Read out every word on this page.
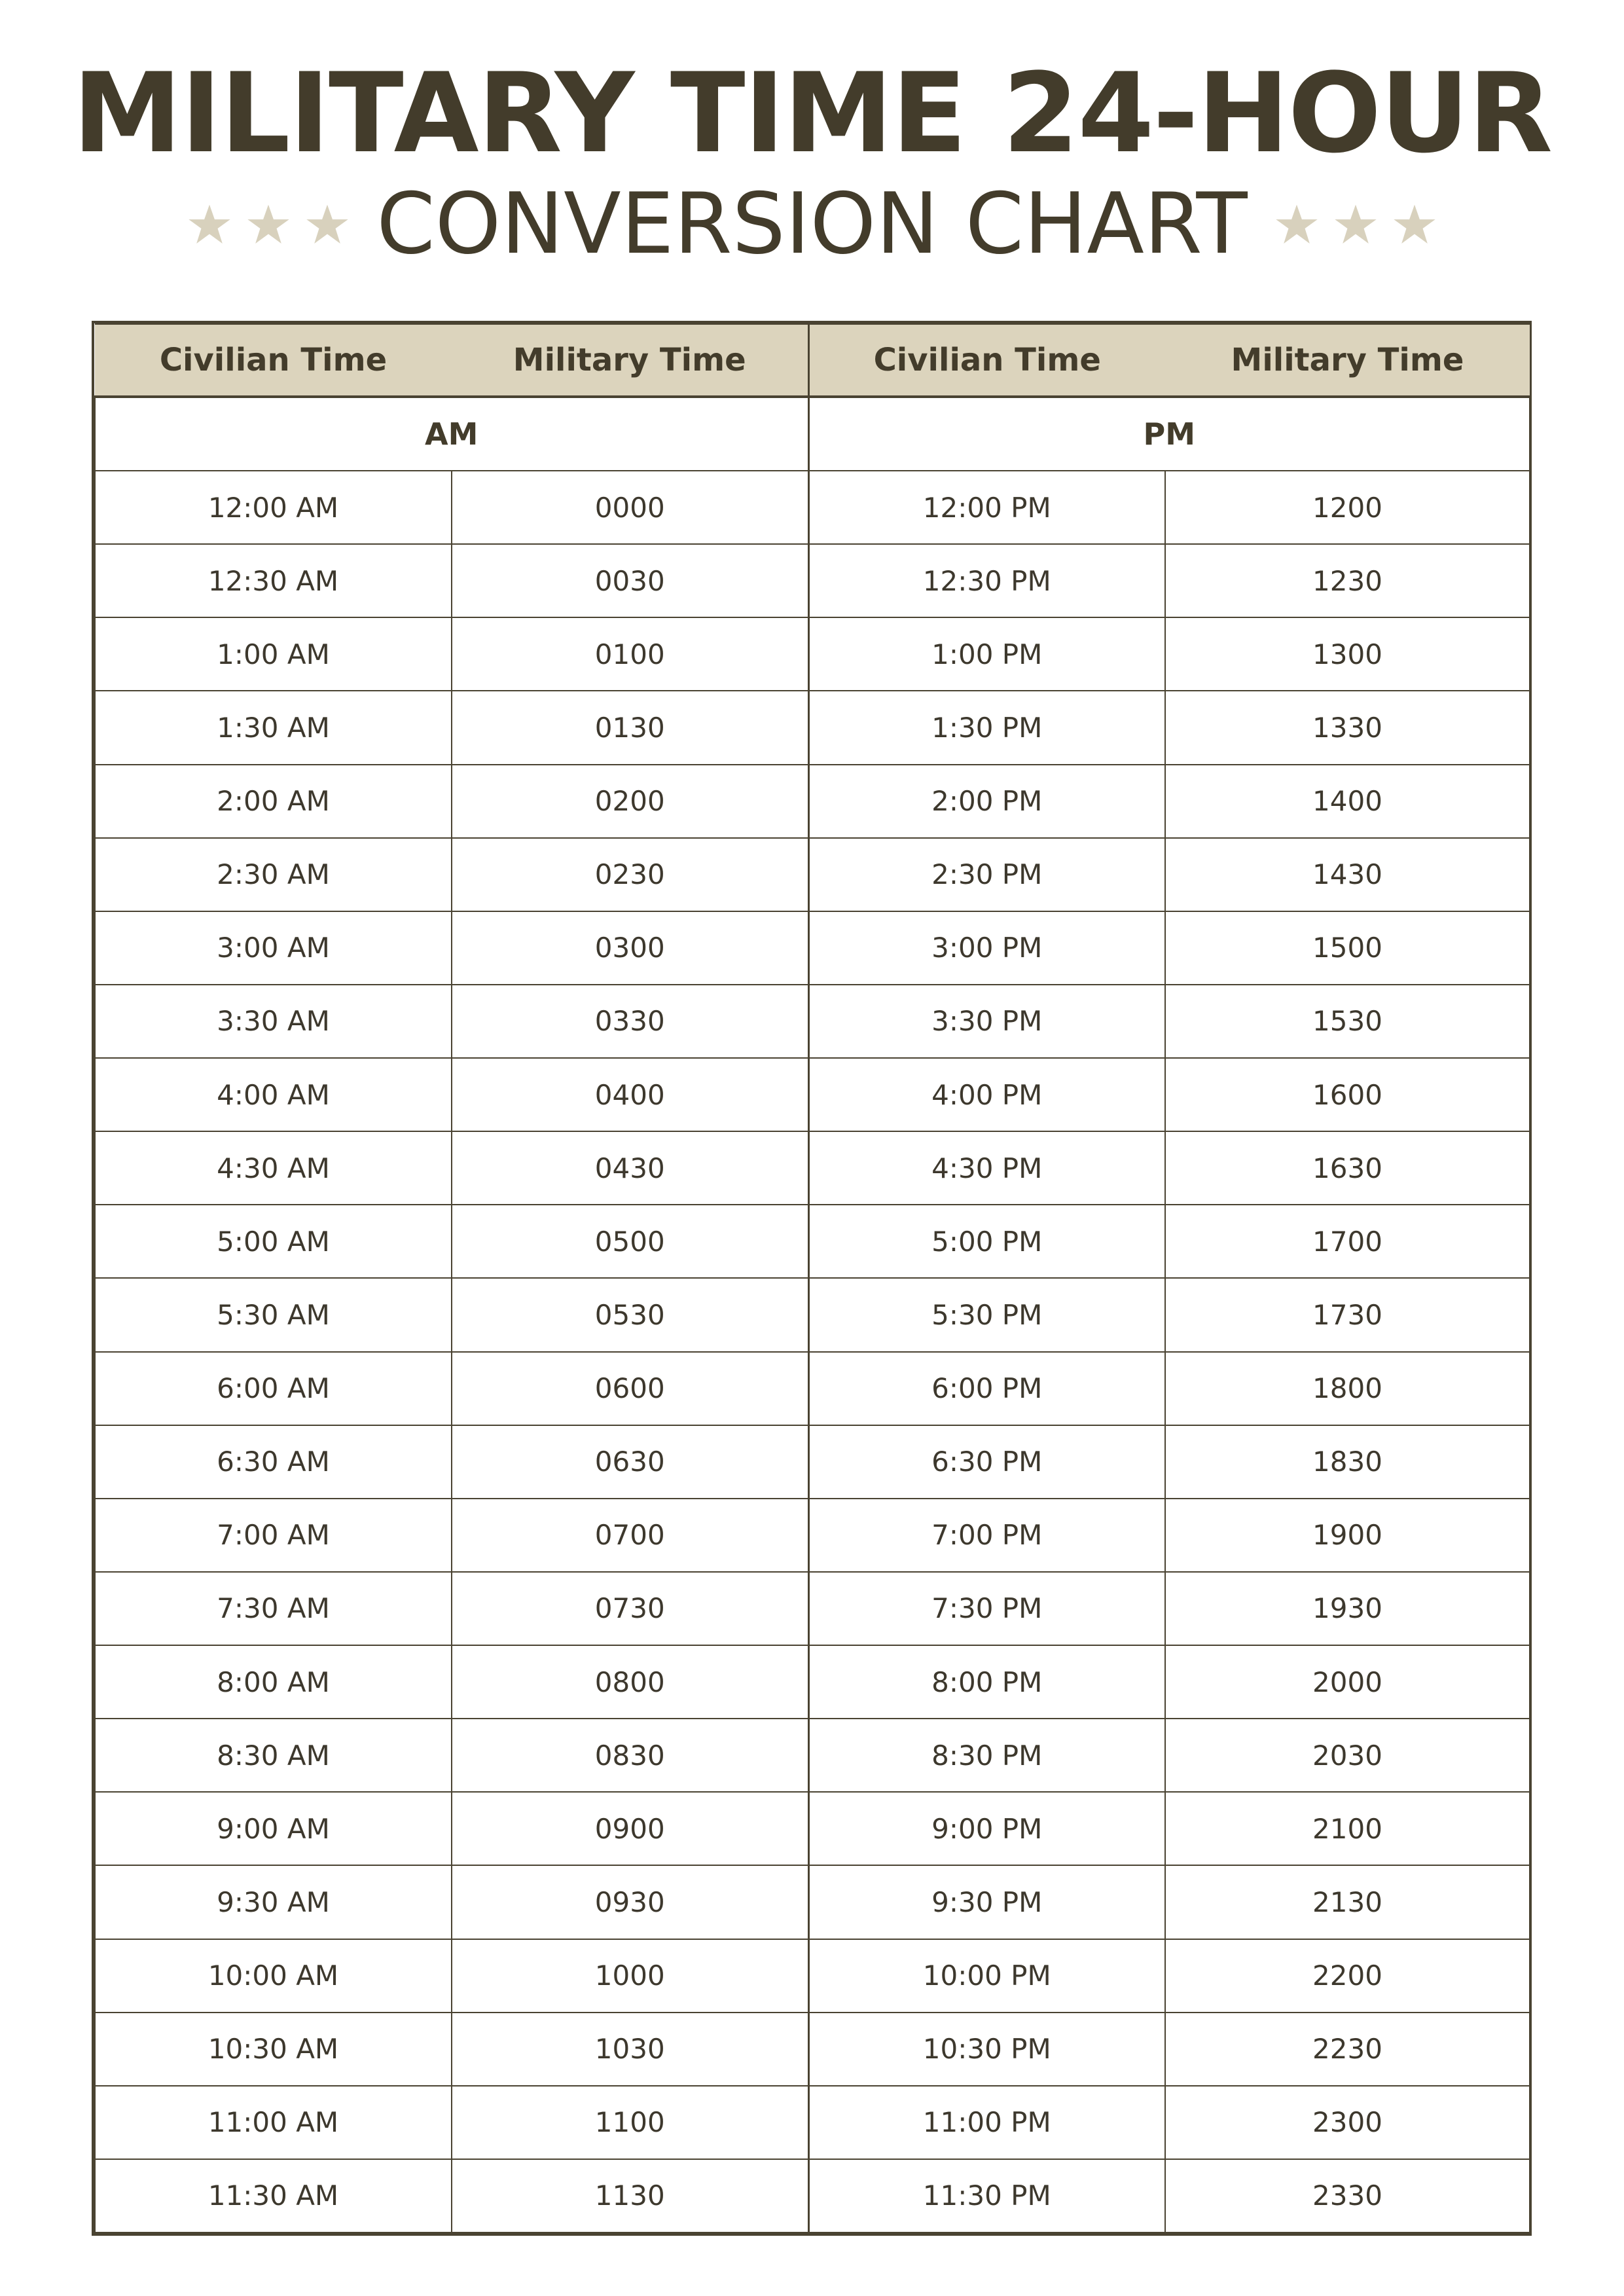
MILITARY TIME 24-HOUR
CONVERSION CHART
Civilian Time	Military Time	Civilian Time	Military Time
AM		PM	
12:00 AM	0000	12:00 PM	1200
12:30 AM	0030	12:30 PM	1230
1:00 AM	0100	1:00 PM	1300
1:30 AM	0130	1:30 PM	1330
2:00 AM	0200	2:00 PM	1400
2:30 AM	0230	2:30 PM	1430
3:00 AM	0300	3:00 PM	1500
3:30 AM	0330	3:30 PM	1530
4:00 AM	0400	4:00 PM	1600
4:30 AM	0430	4:30 PM	1630
5:00 AM	0500	5:00 PM	1700
5:30 AM	0530	5:30 PM	1730
6:00 AM	0600	6:00 PM	1800
6:30 AM	0630	6:30 PM	1830
7:00 AM	0700	7:00 PM	1900
7:30 AM	0730	7:30 PM	1930
8:00 AM	0800	8:00 PM	2000
8:30 AM	0830	8:30 PM	2030
9:00 AM	0900	9:00 PM	2100
9:30 AM	0930	9:30 PM	2130
10:00 AM	1000	10:00 PM	2200
10:30 AM	1030	10:30 PM	2230
11:00 AM	1100	11:00 PM	2300
11:30 AM	1130	11:30 PM	2330
